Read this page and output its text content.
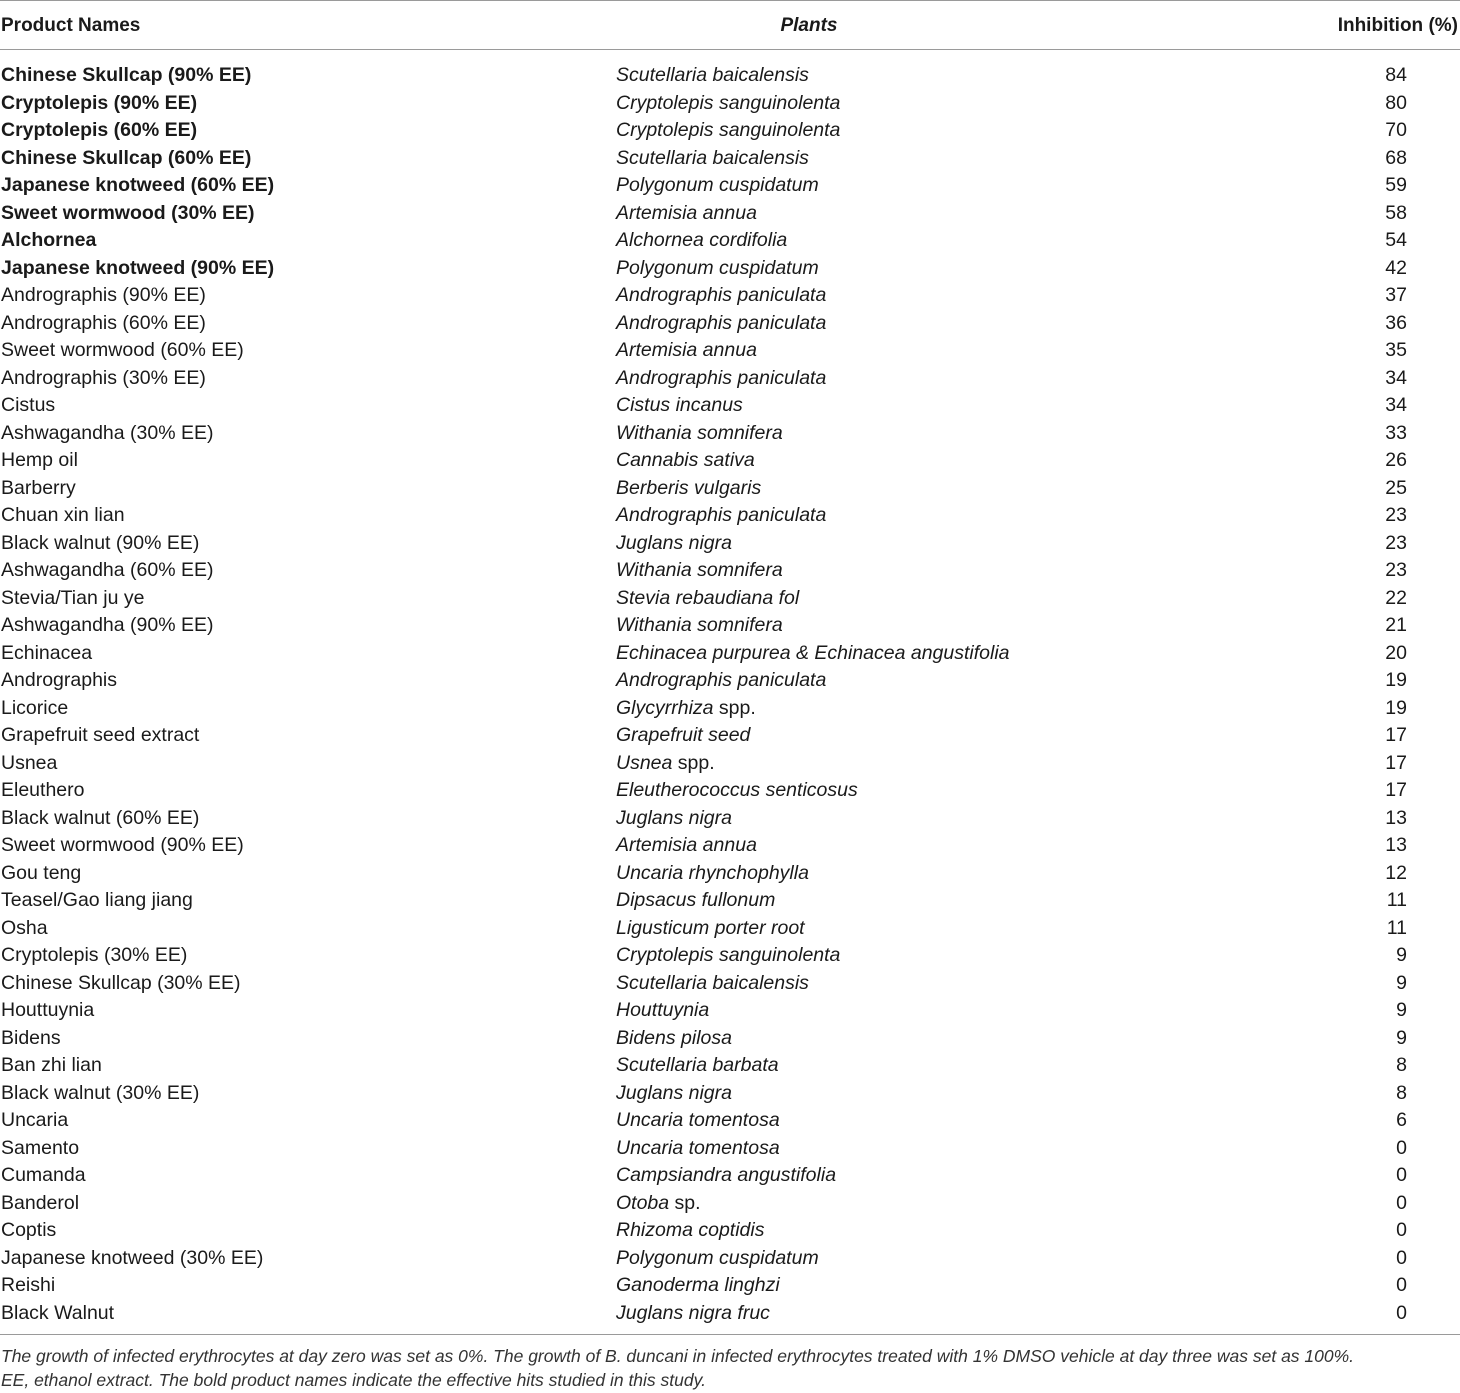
Product Names	Plants	Inhibition (%)
Chinese Skullcap (90% EE)	Scutellaria baicalensis	84
Cryptolepis (90% EE)	Cryptolepis sanguinolenta	80
Cryptolepis (60% EE)	Cryptolepis sanguinolenta	70
Chinese Skullcap (60% EE)	Scutellaria baicalensis	68
Japanese knotweed (60% EE)	Polygonum cuspidatum	59
Sweet wormwood (30% EE)	Artemisia annua	58
Alchornea	Alchornea cordifolia	54
Japanese knotweed (90% EE)	Polygonum cuspidatum	42
Andrographis (90% EE)	Andrographis paniculata	37
Andrographis (60% EE)	Andrographis paniculata	36
Sweet wormwood (60% EE)	Artemisia annua	35
Andrographis (30% EE)	Andrographis paniculata	34
Cistus	Cistus incanus	34
Ashwagandha (30% EE)	Withania somnifera	33
Hemp oil	Cannabis sativa	26
Barberry	Berberis vulgaris	25
Chuan xin lian	Andrographis paniculata	23
Black walnut (90% EE)	Juglans nigra	23
Ashwagandha (60% EE)	Withania somnifera	23
Stevia/Tian ju ye	Stevia rebaudiana fol	22
Ashwagandha (90% EE)	Withania somnifera	21
Echinacea	Echinacea purpurea & Echinacea angustifolia	20
Andrographis	Andrographis paniculata	19
Licorice	Glycyrrhiza spp.	19
Grapefruit seed extract	Grapefruit seed	17
Usnea	Usnea spp.	17
Eleuthero	Eleutherococcus senticosus	17
Black walnut (60% EE)	Juglans nigra	13
Sweet wormwood (90% EE)	Artemisia annua	13
Gou teng	Uncaria rhynchophylla	12
Teasel/Gao liang jiang	Dipsacus fullonum	11
Osha	Ligusticum porter root	11
Cryptolepis (30% EE)	Cryptolepis sanguinolenta	9
Chinese Skullcap (30% EE)	Scutellaria baicalensis	9
Houttuynia	Houttuynia	9
Bidens	Bidens pilosa	9
Ban zhi lian	Scutellaria barbata	8
Black walnut (30% EE)	Juglans nigra	8
Uncaria	Uncaria tomentosa	6
Samento	Uncaria tomentosa	0
Cumanda	Campsiandra angustifolia	0
Banderol	Otoba sp.	0
Coptis	Rhizoma coptidis	0
Japanese knotweed (30% EE)	Polygonum cuspidatum	0
Reishi	Ganoderma linghzi	0
Black Walnut	Juglans nigra fruc	0
The growth of infected erythrocytes at day zero was set as 0%. The growth of B. duncani in infected erythrocytes treated with 1% DMSO vehicle at day three was set as 100%.
EE, ethanol extract. The bold product names indicate the effective hits studied in this study.
